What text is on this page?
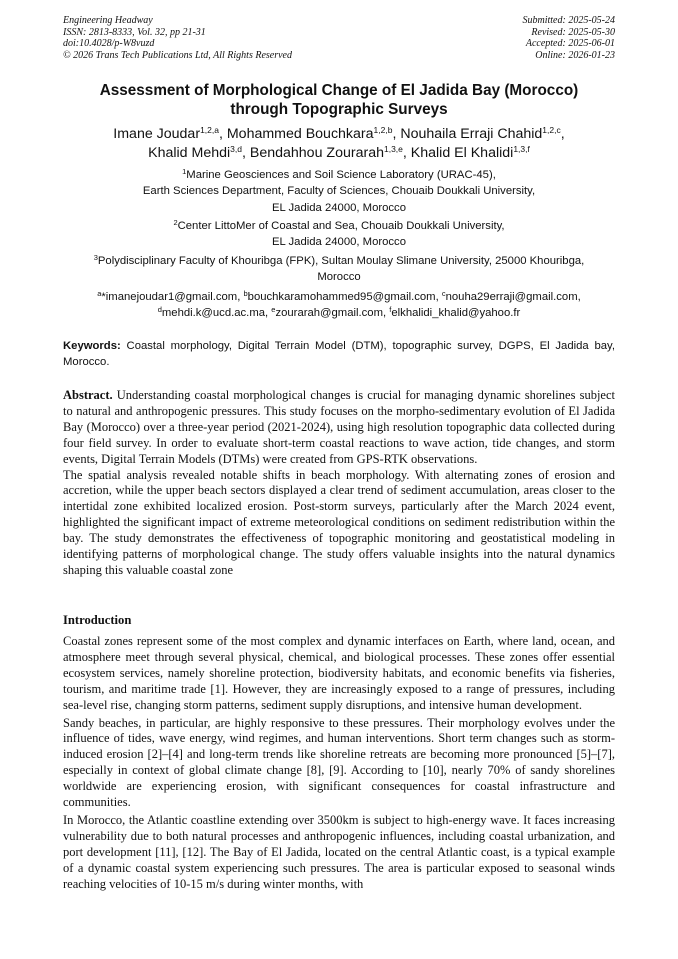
Engineering Headway
ISSN: 2813-8333, Vol. 32, pp 21-31
doi:10.4028/p-W8vuzd
© 2026 Trans Tech Publications Ltd, All Rights Reserved
Submitted: 2025-05-24
Revised: 2025-05-30
Accepted: 2025-06-01
Online: 2026-01-23
Assessment of Morphological Change of El Jadida Bay (Morocco)
through Topographic Surveys
Imane Joudar$^{1,2,a}$, Mohammed Bouchkara$^{1,2,b}$, Nouhaila Erraji Chahid$^{1,2,c}$,
Khalid Mehdi$^{3,d}$, Bendahhou Zourarah$^{1,3,e}$, Khalid El Khalidi$^{1,3,f}$
$^1$Marine Geosciences and Soil Science Laboratory (URAC-45),
Earth Sciences Department, Faculty of Sciences, Chouaib Doukkali University,
EL Jadida 24000, Morocco
$^2$Center LittoMer of Coastal and Sea, Chouaib Doukkali University,
EL Jadida 24000, Morocco
$^3$Polydisciplinary Faculty of Khouribga (FPK), Sultan Moulay Slimane University, 25000 Khouribga,
Morocco
$^a$*imanejoudar1@gmail.com, $^b$bouchkaramohammed95@gmail.com, $^c$nouha29erraji@gmail.com,
$^d$mehdi.k@ucd.ac.ma, $^e$zourarah@gmail.com, $^f$elkhalidi_khalid@yahoo.fr
Keywords: Coastal morphology, Digital Terrain Model (DTM), topographic survey, DGPS, El Jadida bay, Morocco.

Abstract. Understanding coastal morphological changes is crucial for managing dynamic shorelines subject to natural and anthropogenic pressures. This study focuses on the morpho-sedimentary evolution of El Jadida Bay (Morocco) over a three-year period (2021-2024), using high resolution topographic data collected during four field survey. In order to evaluate short-term coastal reactions to wave action, tide changes, and storm events, Digital Terrain Models (DTMs) were created from GPS-RTK observations.

The spatial analysis revealed notable shifts in beach morphology. With alternating zones of erosion and accretion, while the upper beach sectors displayed a clear trend of sediment accumulation, areas closer to the intertidal zone exhibited localized erosion. Post-storm surveys, particularly after the March 2024 event, highlighted the significant impact of extreme meteorological conditions on sediment redistribution within the bay. The study demonstrates the effectiveness of topographic monitoring and geostatistical modeling in identifying patterns of morphological change. The study offers valuable insights into the natural dynamics shaping this valuable coastal zone

Introduction

Coastal zones represent some of the most complex and dynamic interfaces on Earth, where land, ocean, and atmosphere meet through several physical, chemical, and biological processes. These zones offer essential ecosystem services, namely shoreline protection, biodiversity habitats, and economic benefits via fisheries, tourism, and maritime trade [1]. However, they are increasingly exposed to a range of pressures, including sea-level rise, changing storm patterns, sediment supply disruptions, and intensive human development.

Sandy beaches, in particular, are highly responsive to these pressures. Their morphology evolves under the influence of tides, wave energy, wind regimes, and human interventions. Short term changes such as storm-induced erosion [2]–[4] and long-term trends like shoreline retreats are becoming more pronounced [5]–[7], especially in context of global climate change [8], [9]. According to [10], nearly 70% of sandy shorelines worldwide are experiencing erosion, with significant consequences for coastal infrastructure and communities.

In Morocco, the Atlantic coastline extending over 3500km is subject to high-energy wave. It faces increasing vulnerability due to both natural processes and anthropogenic influences, including coastal urbanization, and port development [11], [12]. The Bay of El Jadida, located on the central Atlantic coast, is a typical example of a dynamic coastal system experiencing such pressures. The area is particular exposed to seasonal winds reaching velocities of 10-15 m/s during winter months, with
